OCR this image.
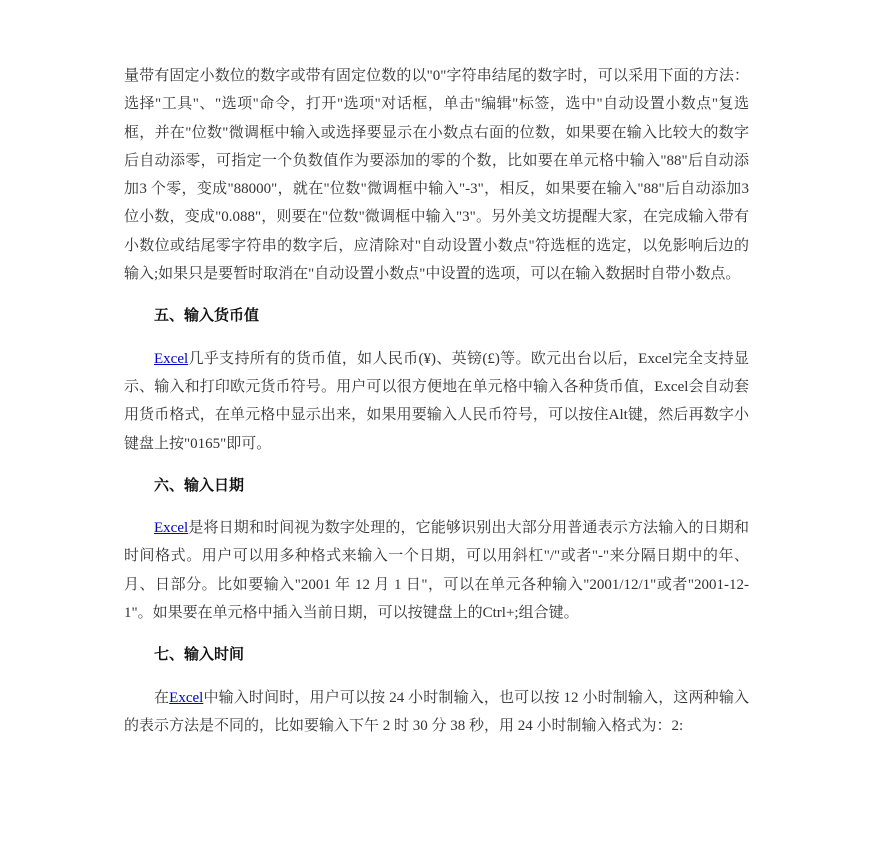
量带有固定小数位的数字或带有固定位数的以"0"字符串结尾的数字时，可以采用下面的方法：选择"工具"、"选项"命令，打开"选项"对话框，单击"编辑"标签，选中"自动设置小数点"复选框，并在"位数"微调框中输入或选择要显示在小数点右面的位数，如果要在输入比较大的数字后自动添零，可指定一个负数值作为要添加的零的个数，比如要在单元格中输入"88"后自动添加3 个零，变成"88000"，就在"位数"微调框中输入"-3"，相反，如果要在输入"88"后自动添加3 位小数，变成"0.088"，则要在"位数"微调框中输入"3"。另外美文坊提醒大家，在完成输入带有小数位或结尾零字符串的数字后，应清除对"自动设置小数点"符选框的选定，以免影响后边的输入;如果只是要暂时取消在"自动设置小数点"中设置的选项，可以在输入数据时自带小数点。

五、输入货币值

Excel几乎支持所有的货币值，如人民币(¥)、英镑(£)等。欧元出台以后，Excel完全支持显示、输入和打印欧元货币符号。用户可以很方便地在单元格中输入各种货币值，Excel会自动套用货币格式，在单元格中显示出来，如果用要输入人民币符号，可以按住Alt键，然后再数字小键盘上按"0165"即可。

六、输入日期

Excel是将日期和时间视为数字处理的，它能够识别出大部分用普通表示方法输入的日期和时间格式。用户可以用多种格式来输入一个日期，可以用斜杠"/"或者"-"来分隔日期中的年、月、日部分。比如要输入"2001 年 12 月 1 日"，可以在单元各种输入"2001/12/1"或者"2001-12-1"。如果要在单元格中插入当前日期，可以按键盘上的Ctrl+;组合键。

七、输入时间

在Excel中输入时间时，用户可以按 24 小时制输入，也可以按 12 小时制输入，这两种输入的表示方法是不同的，比如要输入下午 2 时 30 分 38 秒，用 24 小时制输入格式为：2:
